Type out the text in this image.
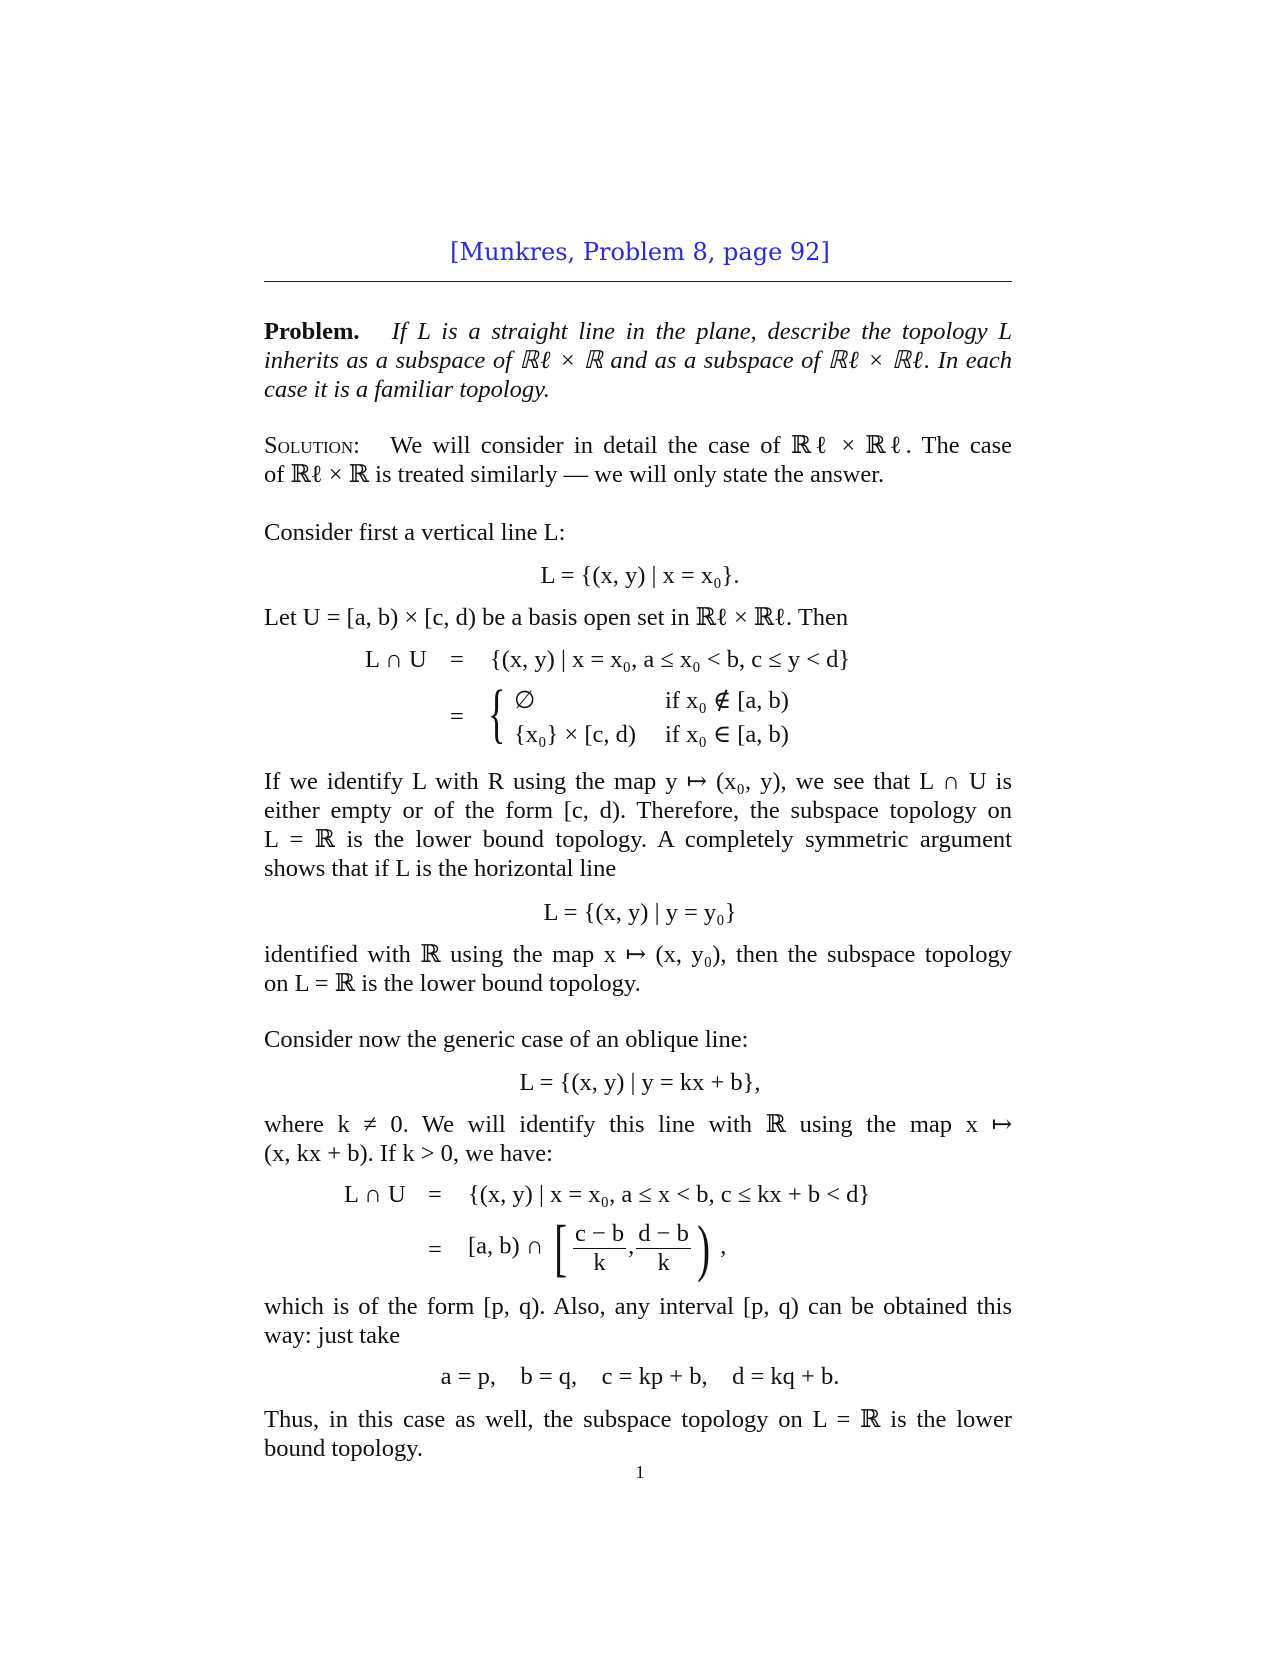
[Munkres, Problem 8, page 92]

Problem. If L is a straight line in the plane, describe the topology L

inherits as a subspace of ℝℓ × ℝ and as a subspace of ℝℓ × ℝℓ. In each

case it is a familiar topology.

Solution: We will consider in detail the case of ℝℓ × ℝℓ. The case

of ℝℓ × ℝ is treated similarly — we will only state the answer.

Consider first a vertical line L:

L = {(x, y) | x = x₀}.

Let U = [a, b) × [c, d) be a basis open set in ℝℓ × ℝℓ. Then

L ∩ U = {(x, y) | x = x₀, a ≤ x₀ < b, c ≤ y < d}
= { ∅	if x₀ ∉ [a, b)
{x₀} × [c, d) if x₀ ∈ [a, b)

If we identify L with R using the map y ↦ (x₀, y), we see that L ∩ U is

either empty or of the form [c, d). Therefore, the subspace topology on

L = ℝ is the lower bound topology. A completely symmetric argument

shows that if L is the horizontal line

L = {(x, y) | y = y₀}

identified with ℝ using the map x ↦ (x, y₀), then the subspace topology

on L = ℝ is the lower bound topology.

Consider now the generic case of an oblique line:

L = {(x, y) | y = kx + b},

where k ≠ 0. We will identify this line with ℝ using the map x ↦

(x, kx + b). If k > 0, we have:

L ∩ U = {(x, y) | x = x₀, a ≤ x < b, c ≤ kx + b < d}
= [a, b) ∩ [ $\frac{c - b}{k}$ , $\frac{d - b}{k}$ ) ,

which is of the form [p, q). Also, any interval [p, q) can be obtained this

way: just take

a = p,    b = q,    c = kp + b,    d = kq + b.

Thus, in this case as well, the subspace topology on L = ℝ is the lower

bound topology.

1
